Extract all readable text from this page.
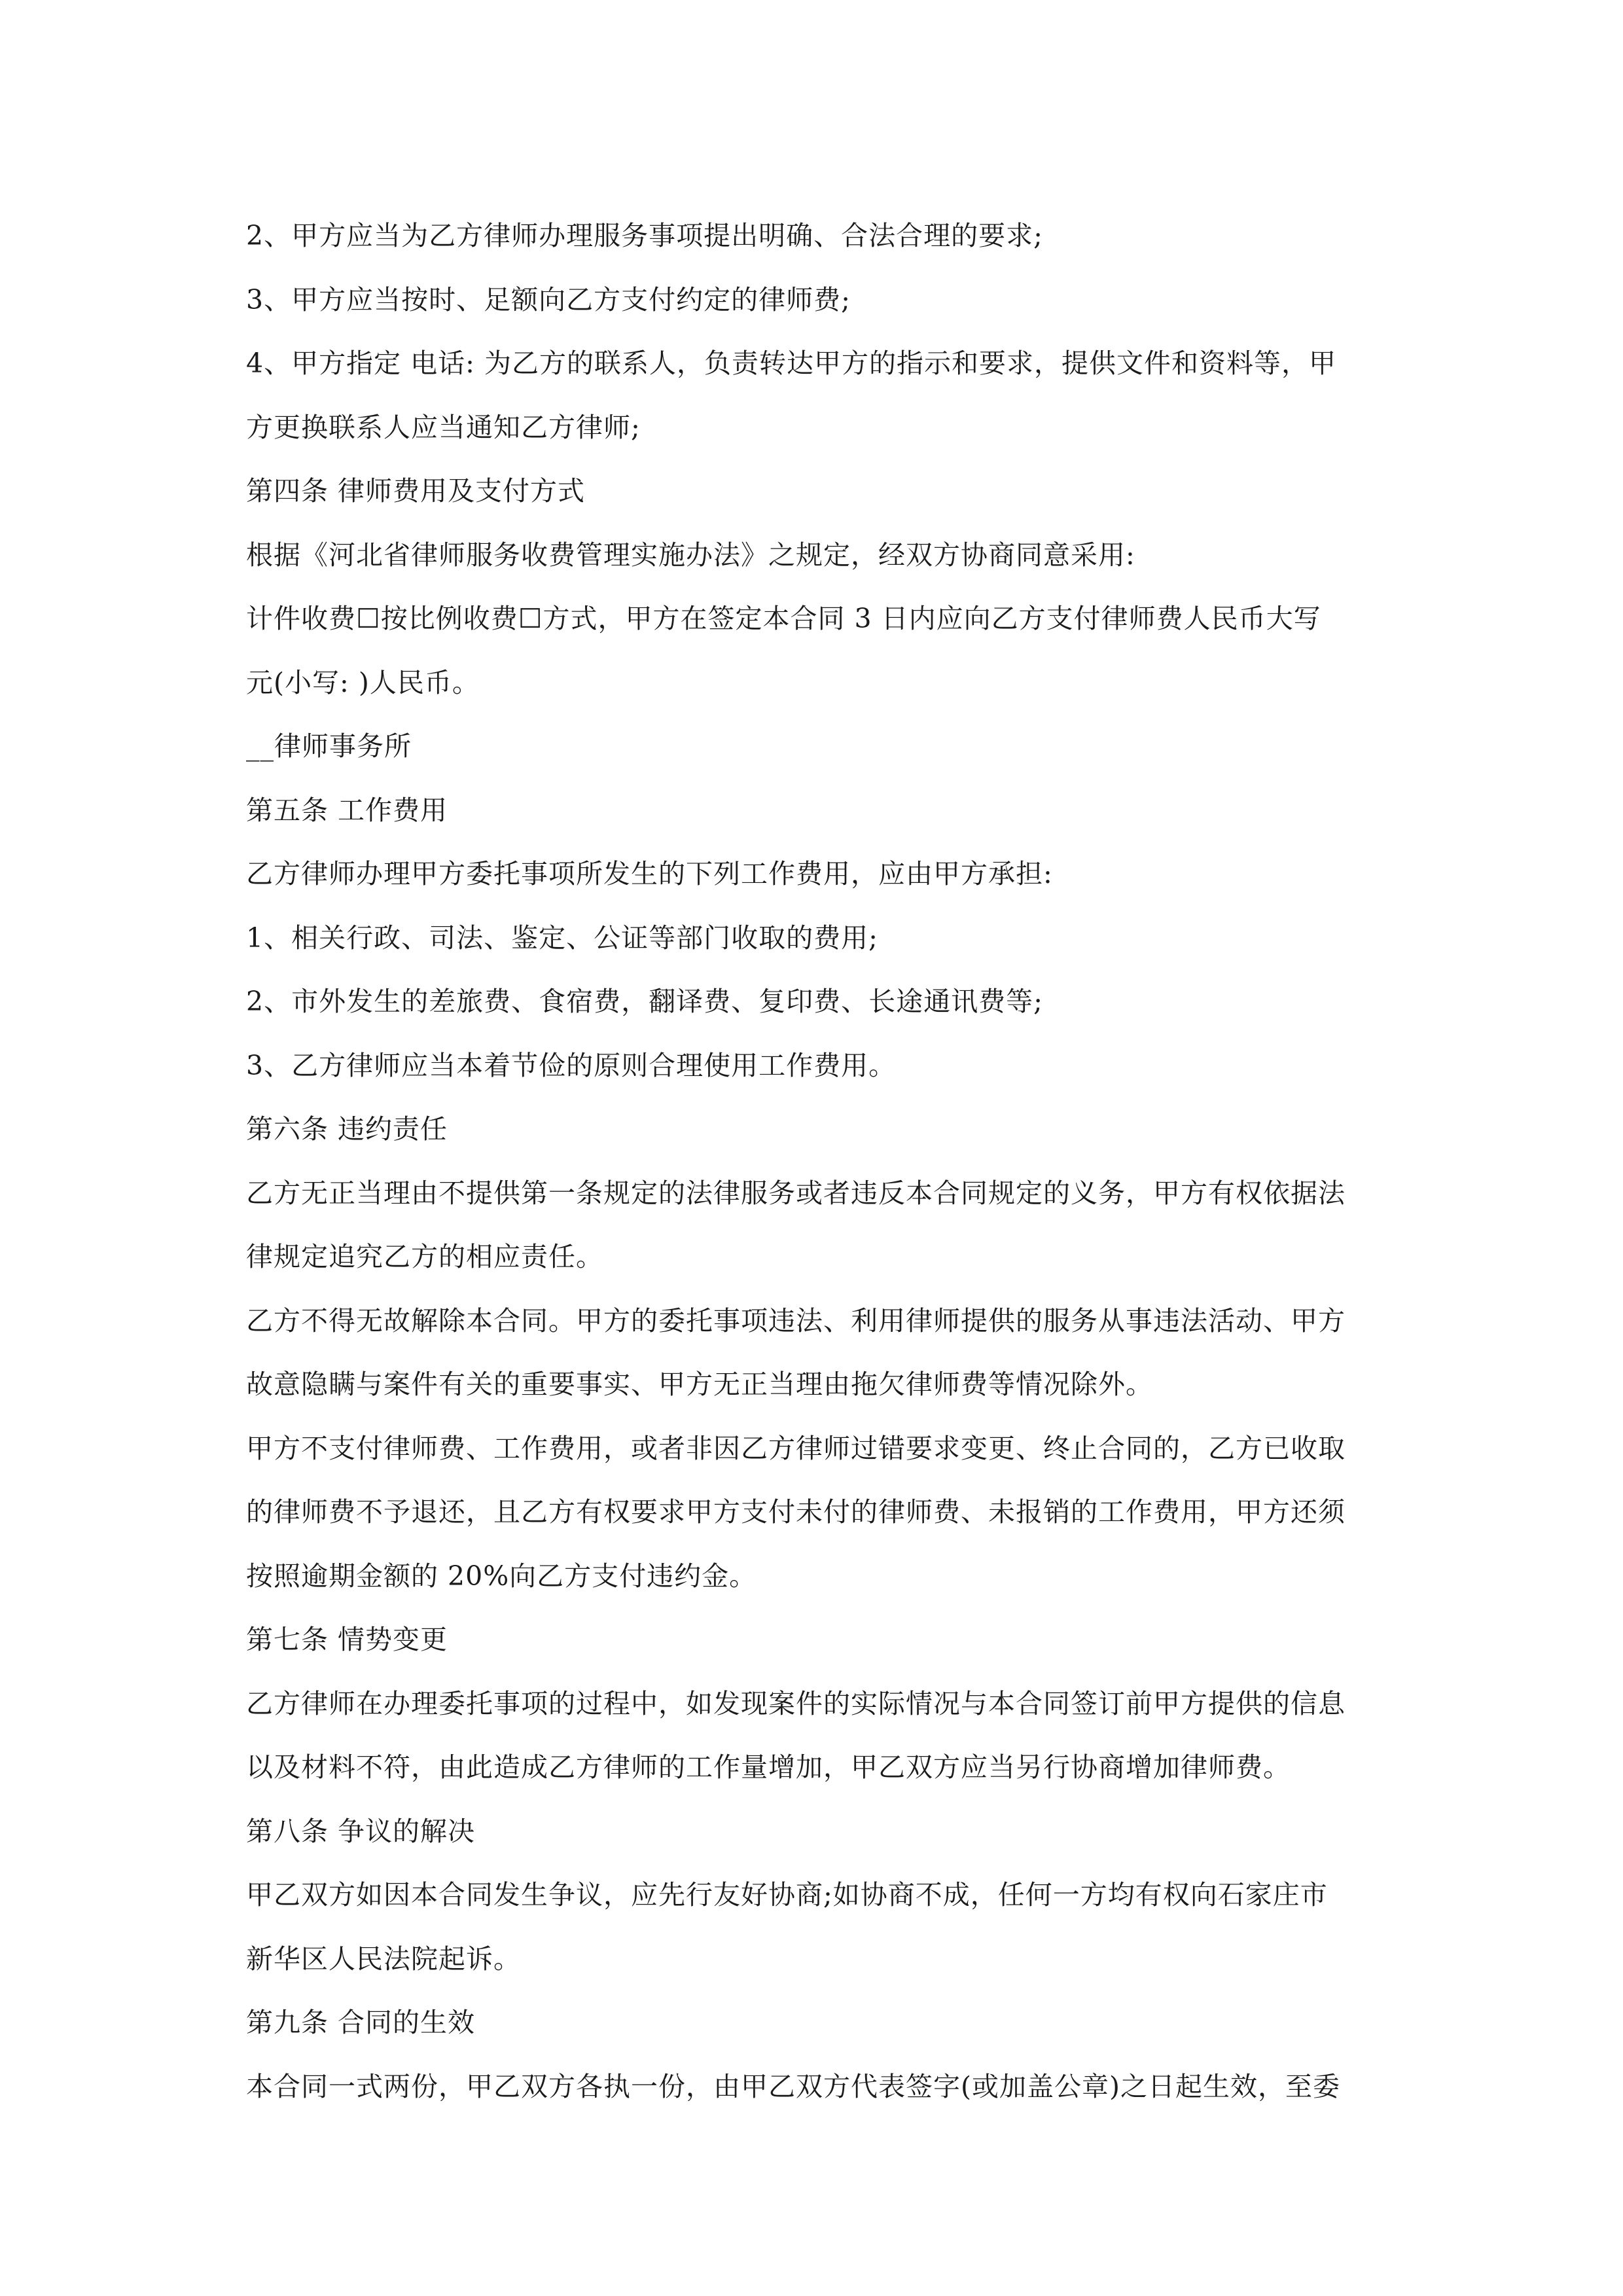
2、甲方应当为乙方律师办理服务事项提出明确、合法合理的要求;

3、甲方应当按时、足额向乙方支付约定的律师费;

4、甲方指定 电话: 为乙方的联系人，负责转达甲方的指示和要求，提供文件和资料等，甲

方更换联系人应当通知乙方律师;

第四条 律师费用及支付方式

根据《河北省律师服务收费管理实施办法》之规定，经双方协商同意采用:

计件收费☐按比例收费☐方式，甲方在签定本合同 3 日内应向乙方支付律师费人民币大写

元(小写: )人民币。

__律师事务所

第五条 工作费用

乙方律师办理甲方委托事项所发生的下列工作费用，应由甲方承担:

1、相关行政、司法、鉴定、公证等部门收取的费用;

2、市外发生的差旅费、食宿费，翻译费、复印费、长途通讯费等;

3、乙方律师应当本着节俭的原则合理使用工作费用。

第六条 违约责任

乙方无正当理由不提供第一条规定的法律服务或者违反本合同规定的义务，甲方有权依据法

律规定追究乙方的相应责任。

乙方不得无故解除本合同。甲方的委托事项违法、利用律师提供的服务从事违法活动、甲方

故意隐瞒与案件有关的重要事实、甲方无正当理由拖欠律师费等情况除外。

甲方不支付律师费、工作费用，或者非因乙方律师过错要求变更、终止合同的，乙方已收取

的律师费不予退还，且乙方有权要求甲方支付未付的律师费、未报销的工作费用，甲方还须

按照逾期金额的 20%向乙方支付违约金。

第七条 情势变更

乙方律师在办理委托事项的过程中，如发现案件的实际情况与本合同签订前甲方提供的信息

以及材料不符，由此造成乙方律师的工作量增加，甲乙双方应当另行协商增加律师费。

第八条 争议的解决

甲乙双方如因本合同发生争议，应先行友好协商;如协商不成，任何一方均有权向石家庄市

新华区人民法院起诉。

第九条 合同的生效

本合同一式两份，甲乙双方各执一份，由甲乙双方代表签字(或加盖公章)之日起生效，至委
